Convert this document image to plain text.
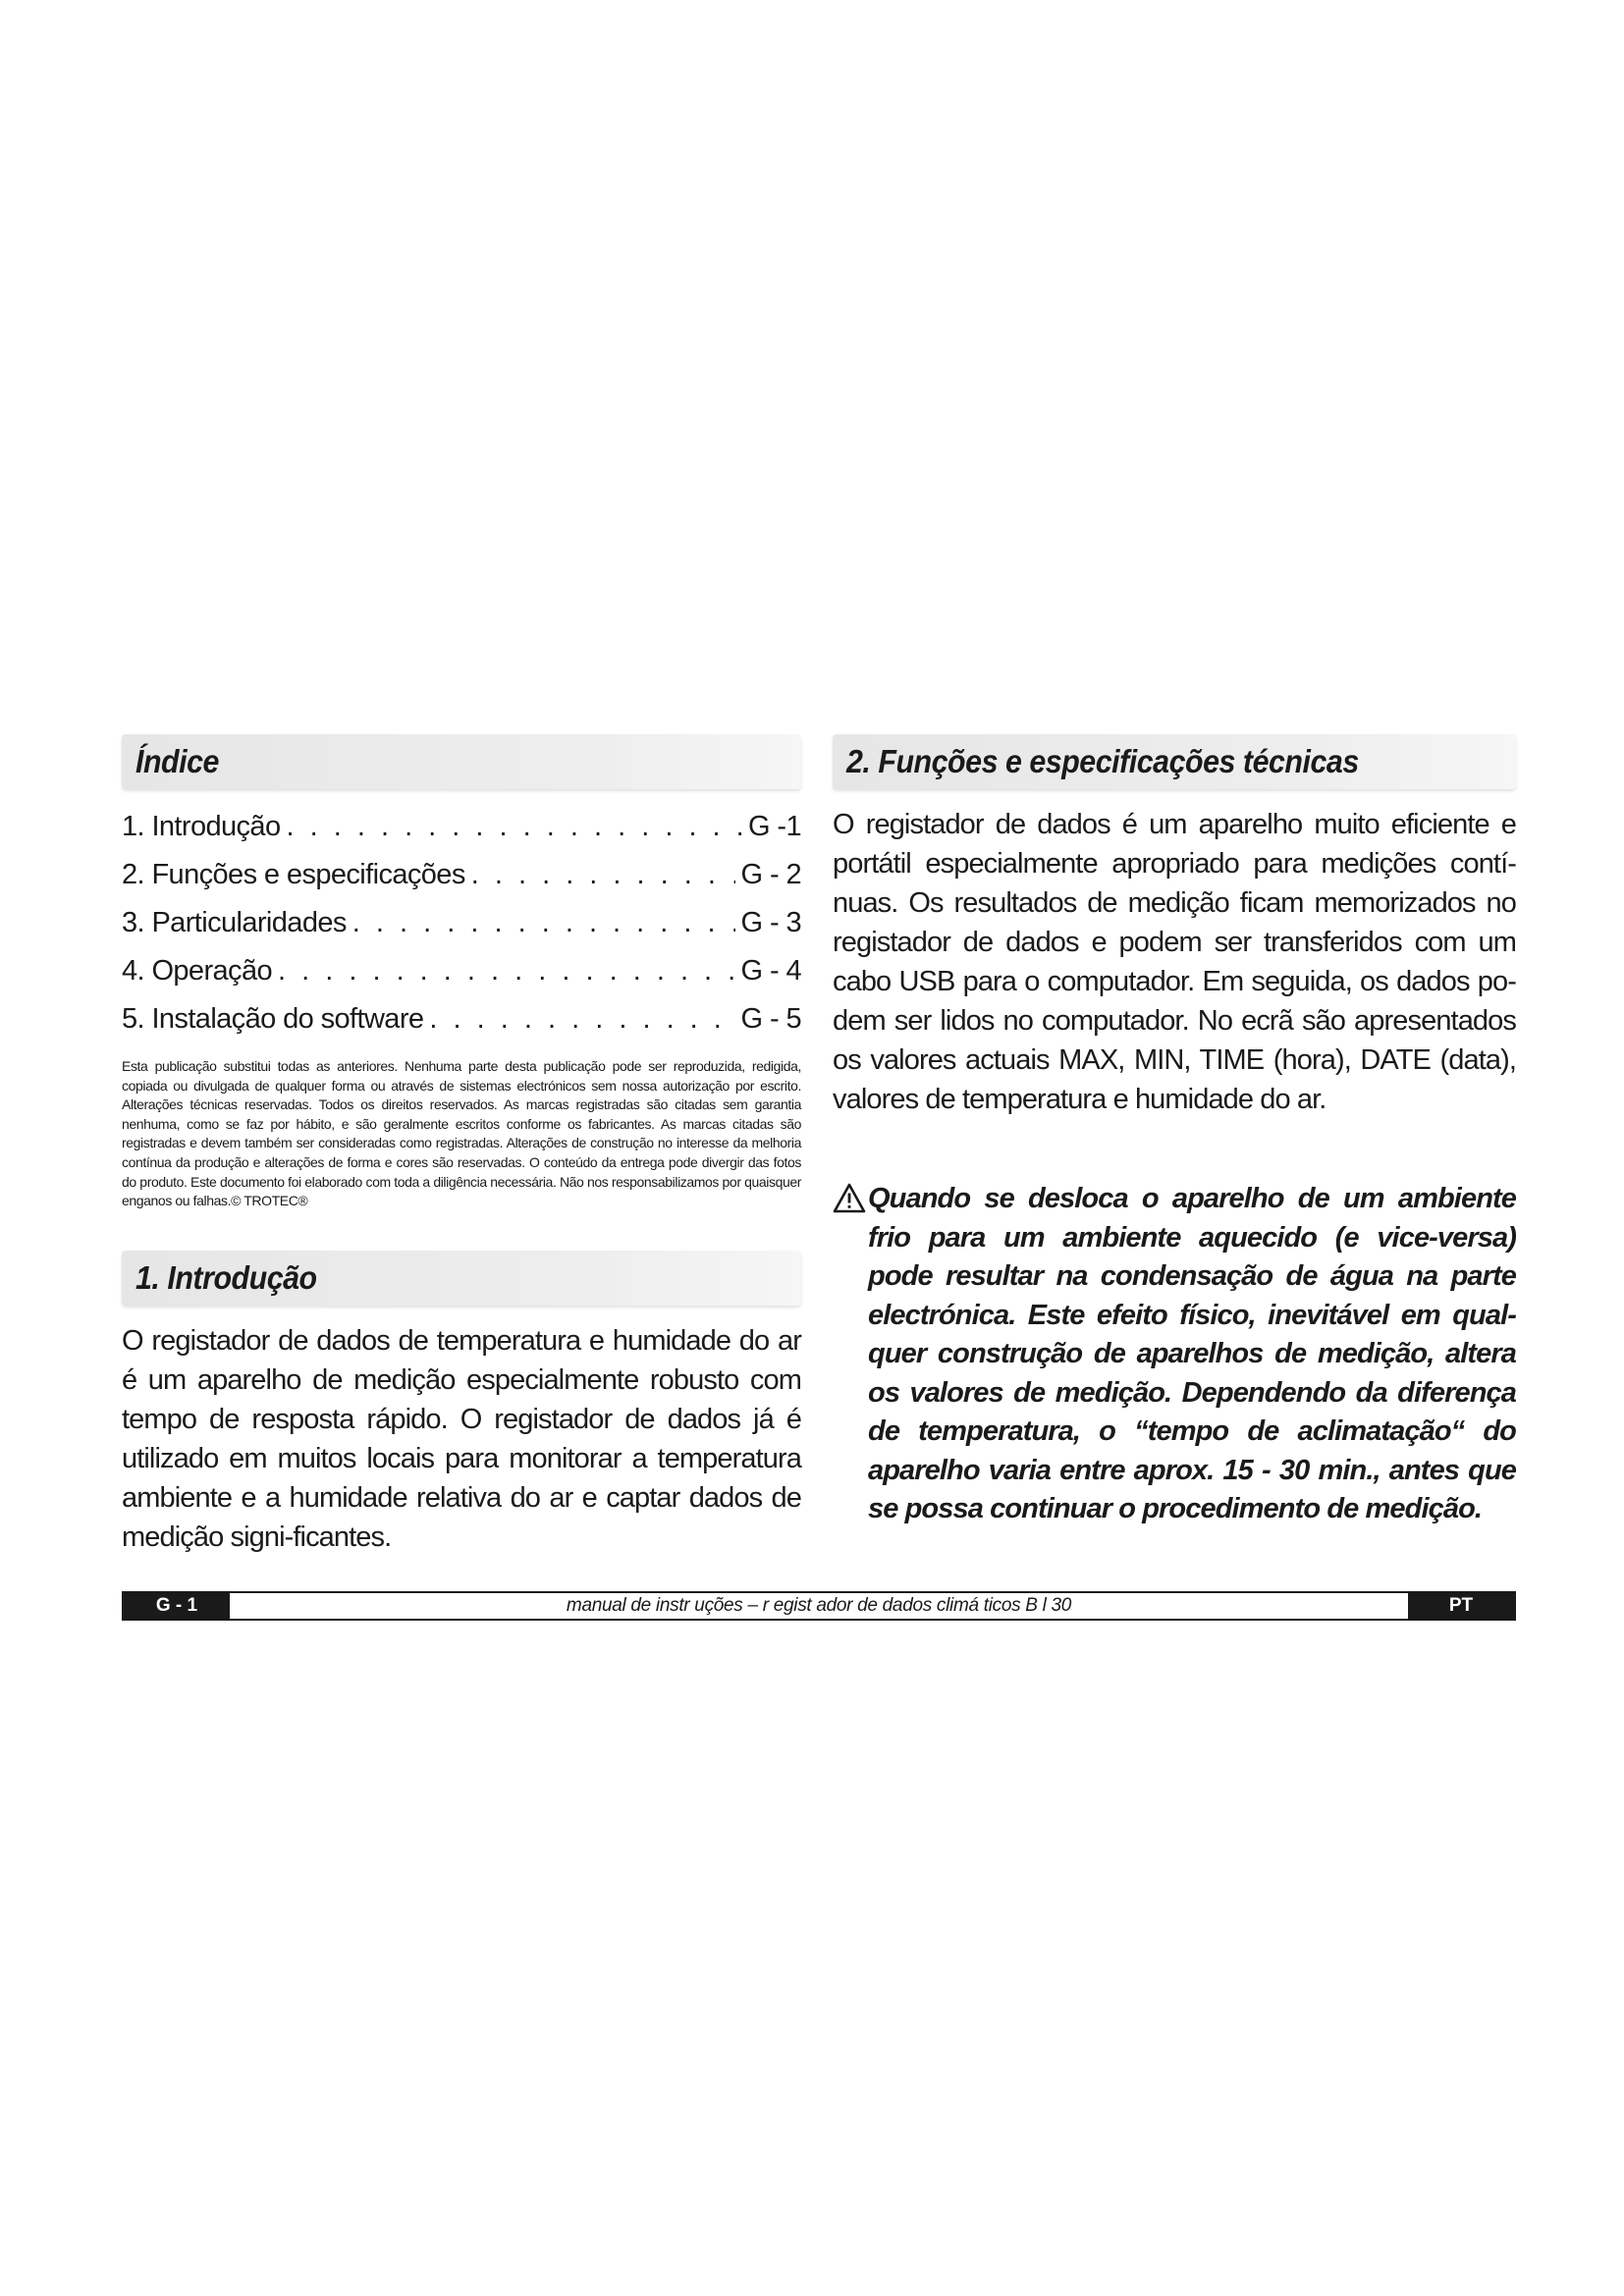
Índice
1. Introdução . . .	G -1
2. Funções e especificações . . .	G - 2
3. Particularidades . . .	G - 3
4. Operação . . .	G - 4
5. Instalação do software . . .	G - 5

Esta publicação substitui todas as anteriores. Nenhuma parte desta publicação pode ser reproduzida, redigida, copiada ou divulgada de qualquer forma ou através de sistemas electrónicos sem nossa autorização por escrito. Alterações técnicas reservadas. Todos os direitos reservados. As marcas registradas são citadas sem garantia nenhuma, como se faz por hábito, e são geralmente escritos conforme os fabricantes. As marcas citadas são registradas e devem também ser consideradas como registradas. Alterações de construção no interesse da melhoria contínua da produção e alterações de forma e cores são reservadas. O conteúdo da entrega pode divergir das fotos do produto. Este documento foi elaborado com toda a diligência necessária. Não nos responsabilizamos por quaisquer enganos ou falhas.© TROTEC®

1. Introdução

O registador de dados de temperatura e humidade do ar é um aparelho de medição especialmente robusto com tempo de resposta rápido. O registador de dados já é utilizado em muitos locais para monitorar a temperatura ambiente e a humidade relativa do ar e captar dados de medição signi-ficantes.

2. Funções e especificações técnicas

O registador de dados é um aparelho muito eficiente e portátil especialmente apropriado para medições contí-nuas. Os resultados de medição ficam memorizados no registador de dados e podem ser transferidos com um cabo USB para o computador. Em seguida, os dados po-dem ser lidos no computador. No ecrã são apresentados os valores actuais MAX, MIN, TIME (hora), DATE (data), valores de temperatura e humidade do ar.

Quando se desloca o aparelho de um ambiente frio para um ambiente aquecido (e vice-versa) pode resultar na condensação de água na parte electrónica. Este efeito físico, inevitável em qual-quer construção de aparelhos de medição, altera os valores de medição. Dependendo da diferença de temperatura, o “tempo de aclimatação“ do aparelho varia entre aprox. 15 - 30 min., antes que se possa continuar o procedimento de medição.
G - 1	manual de instr uções – r egist ador de dados climá ticos B l 30	PT
